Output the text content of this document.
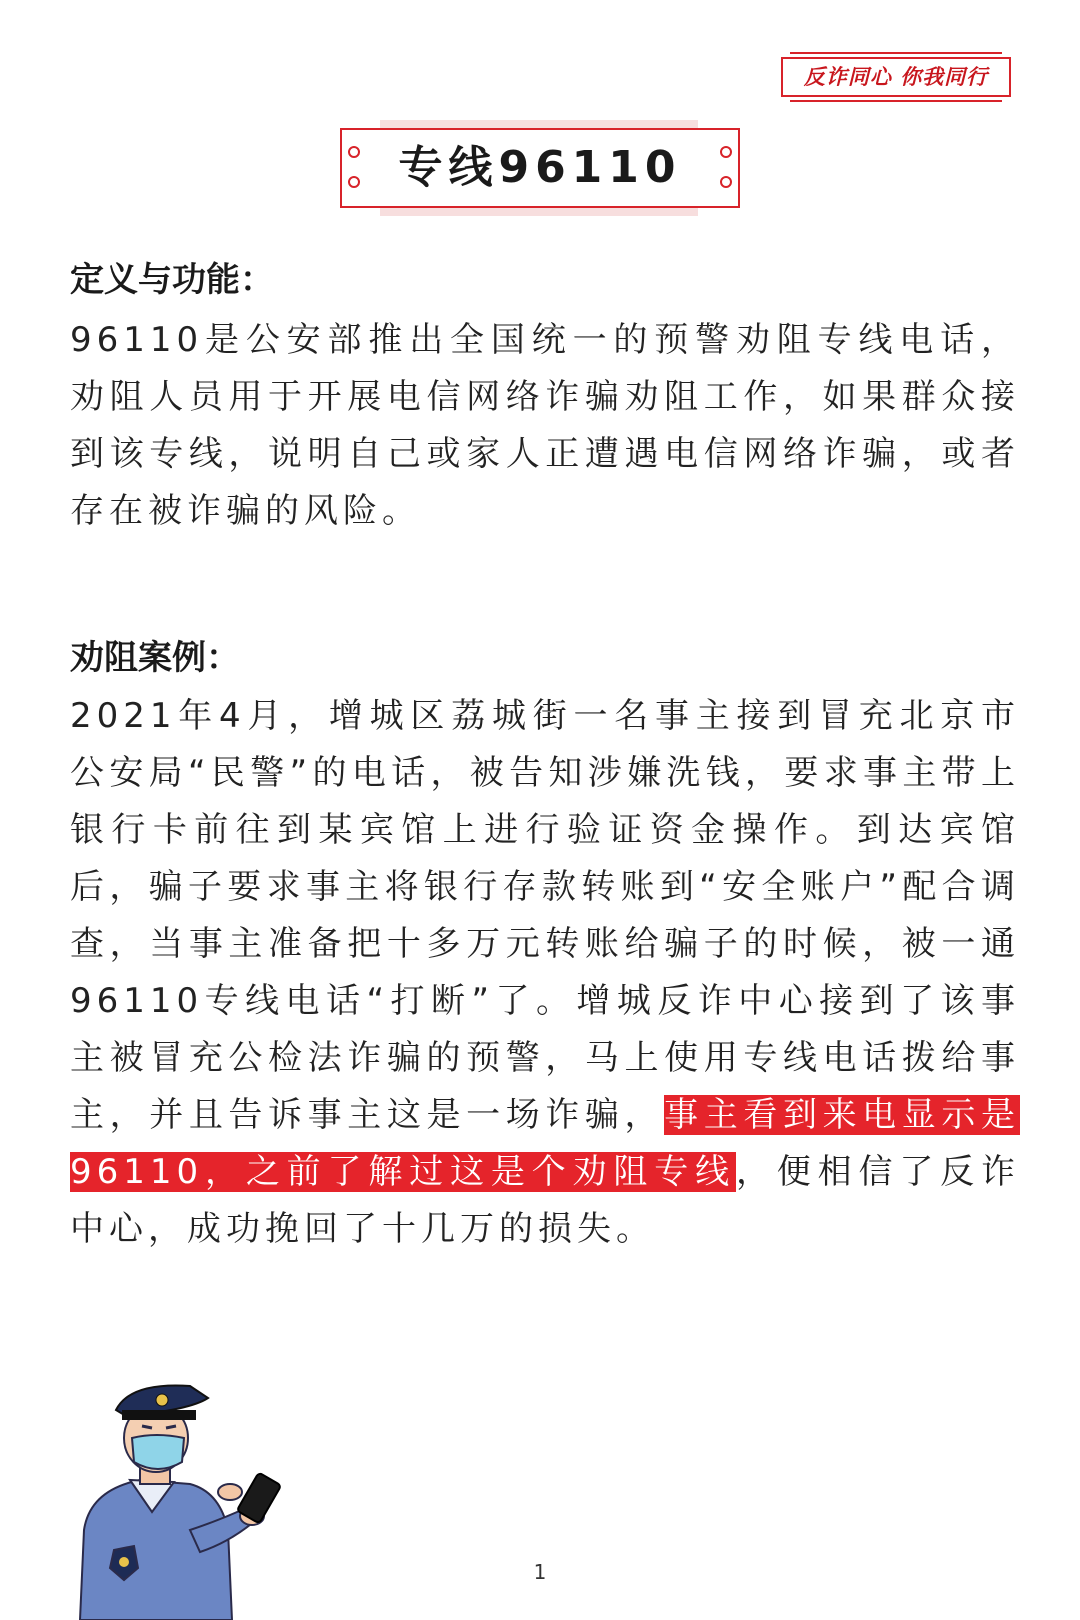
反诈同心 你我同行
专线96110
定义与功能：
96110是公安部推出全国统一的预警劝阻专线电话，劝阻人员用于开展电信网络诈骗劝阻工作，如果群众接到该专线，说明自己或家人正遭遇电信网络诈骗，或者存在被诈骗的风险。
劝阻案例：
2021年4月，增城区荔城街一名事主接到冒充北京市公安局“民警”的电话，被告知涉嫌洗钱，要求事主带上银行卡前往到某宾馆上进行验证资金操作。到达宾馆后，骗子要求事主将银行存款转账到“安全账户”配合调查，当事主准备把十多万元转账给骗子的时候，被一通96110专线电话“打断”了。增城反诈中心接到了该事主被冒充公检法诈骗的预警，马上使用专线电话拨给事主，并且告诉事主这是一场诈骗，事主看到来电显示是96110，之前了解过这是个劝阻专线，便相信了反诈中心，成功挽回了十几万的损失。
1
